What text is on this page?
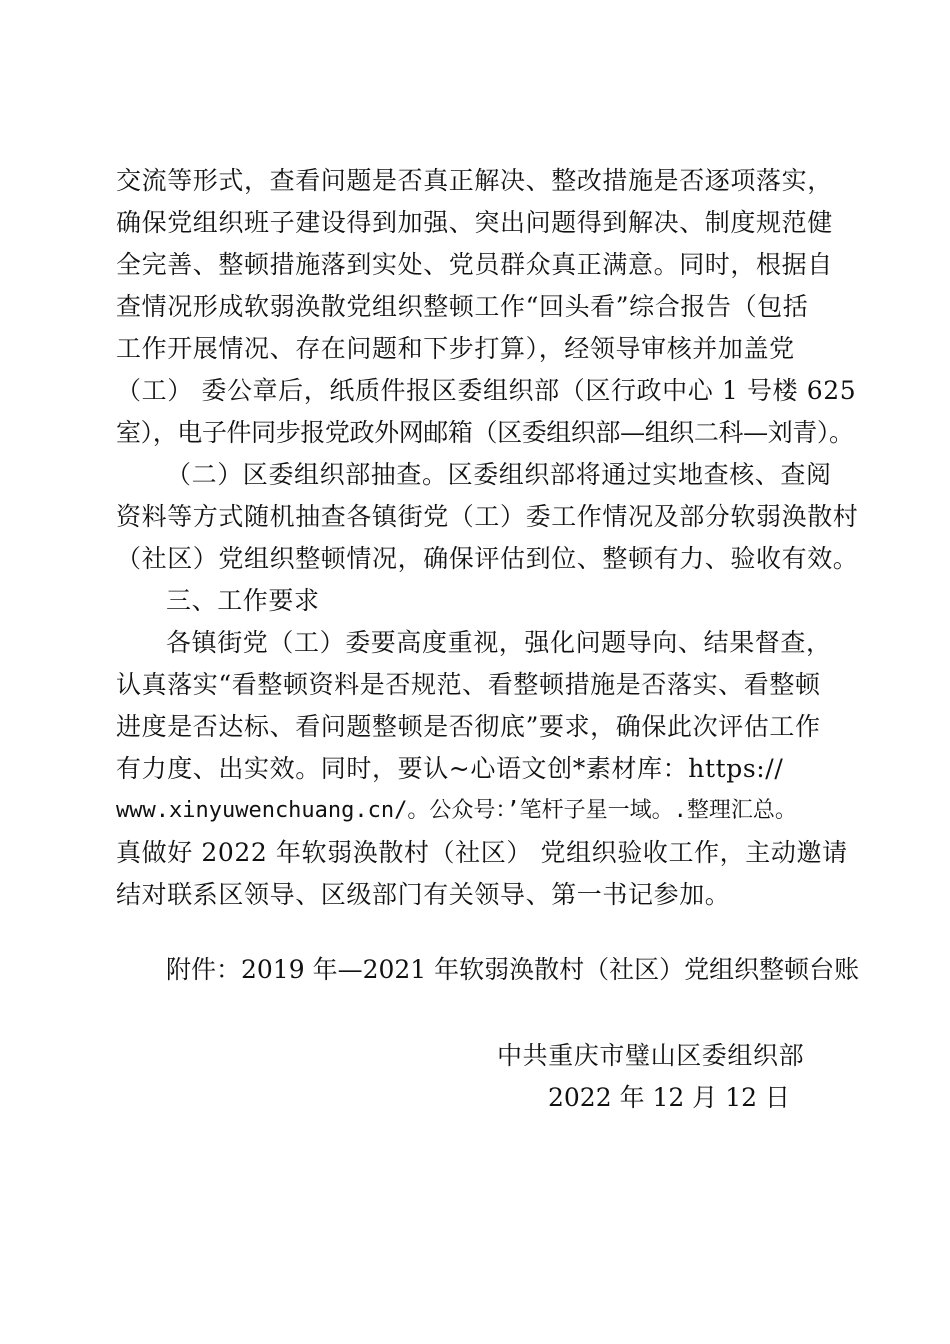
交流等形式，查看问题是否真正解决、整改措施是否逐项落实，
确保党组织班子建设得到加强、突出问题得到解决、制度规范健
全完善、整顿措施落到实处、党员群众真正满意。同时，根据自
查情况形成软弱涣散党组织整顿工作“回头看”综合报告（包括
工作开展情况、存在问题和下步打算），经领导审核并加盖党
（工） 委公章后，纸质件报区委组织部（区行政中心 1 号楼 625
室），电子件同步报党政外网邮箱（区委组织部—组织二科—刘青）。
（二）区委组织部抽查。区委组织部将通过实地查核、查阅
资料等方式随机抽查各镇街党（工）委工作情况及部分软弱涣散村
（社区）党组织整顿情况，确保评估到位、整顿有力、验收有效。
三、工作要求
各镇街党（工）委要高度重视，强化问题导向、结果督查，
认真落实“看整顿资料是否规范、看整顿措施是否落实、看整顿
进度是否达标、看问题整顿是否彻底”要求，确保此次评估工作
有力度、出实效。同时，要认~心语文创*素材库：https://
www.xinyuwenchuang.cn/。公众号：’笔杆子星一域。.整理汇总。
真做好 2022 年软弱涣散村（社区） 党组织验收工作，主动邀请
结对联系区领导、区级部门有关领导、第一书记参加。
附件：2019 年—2021 年软弱涣散村（社区）党组织整顿台账
中共重庆市璧山区委组织部
2022 年 12 月 12 日
